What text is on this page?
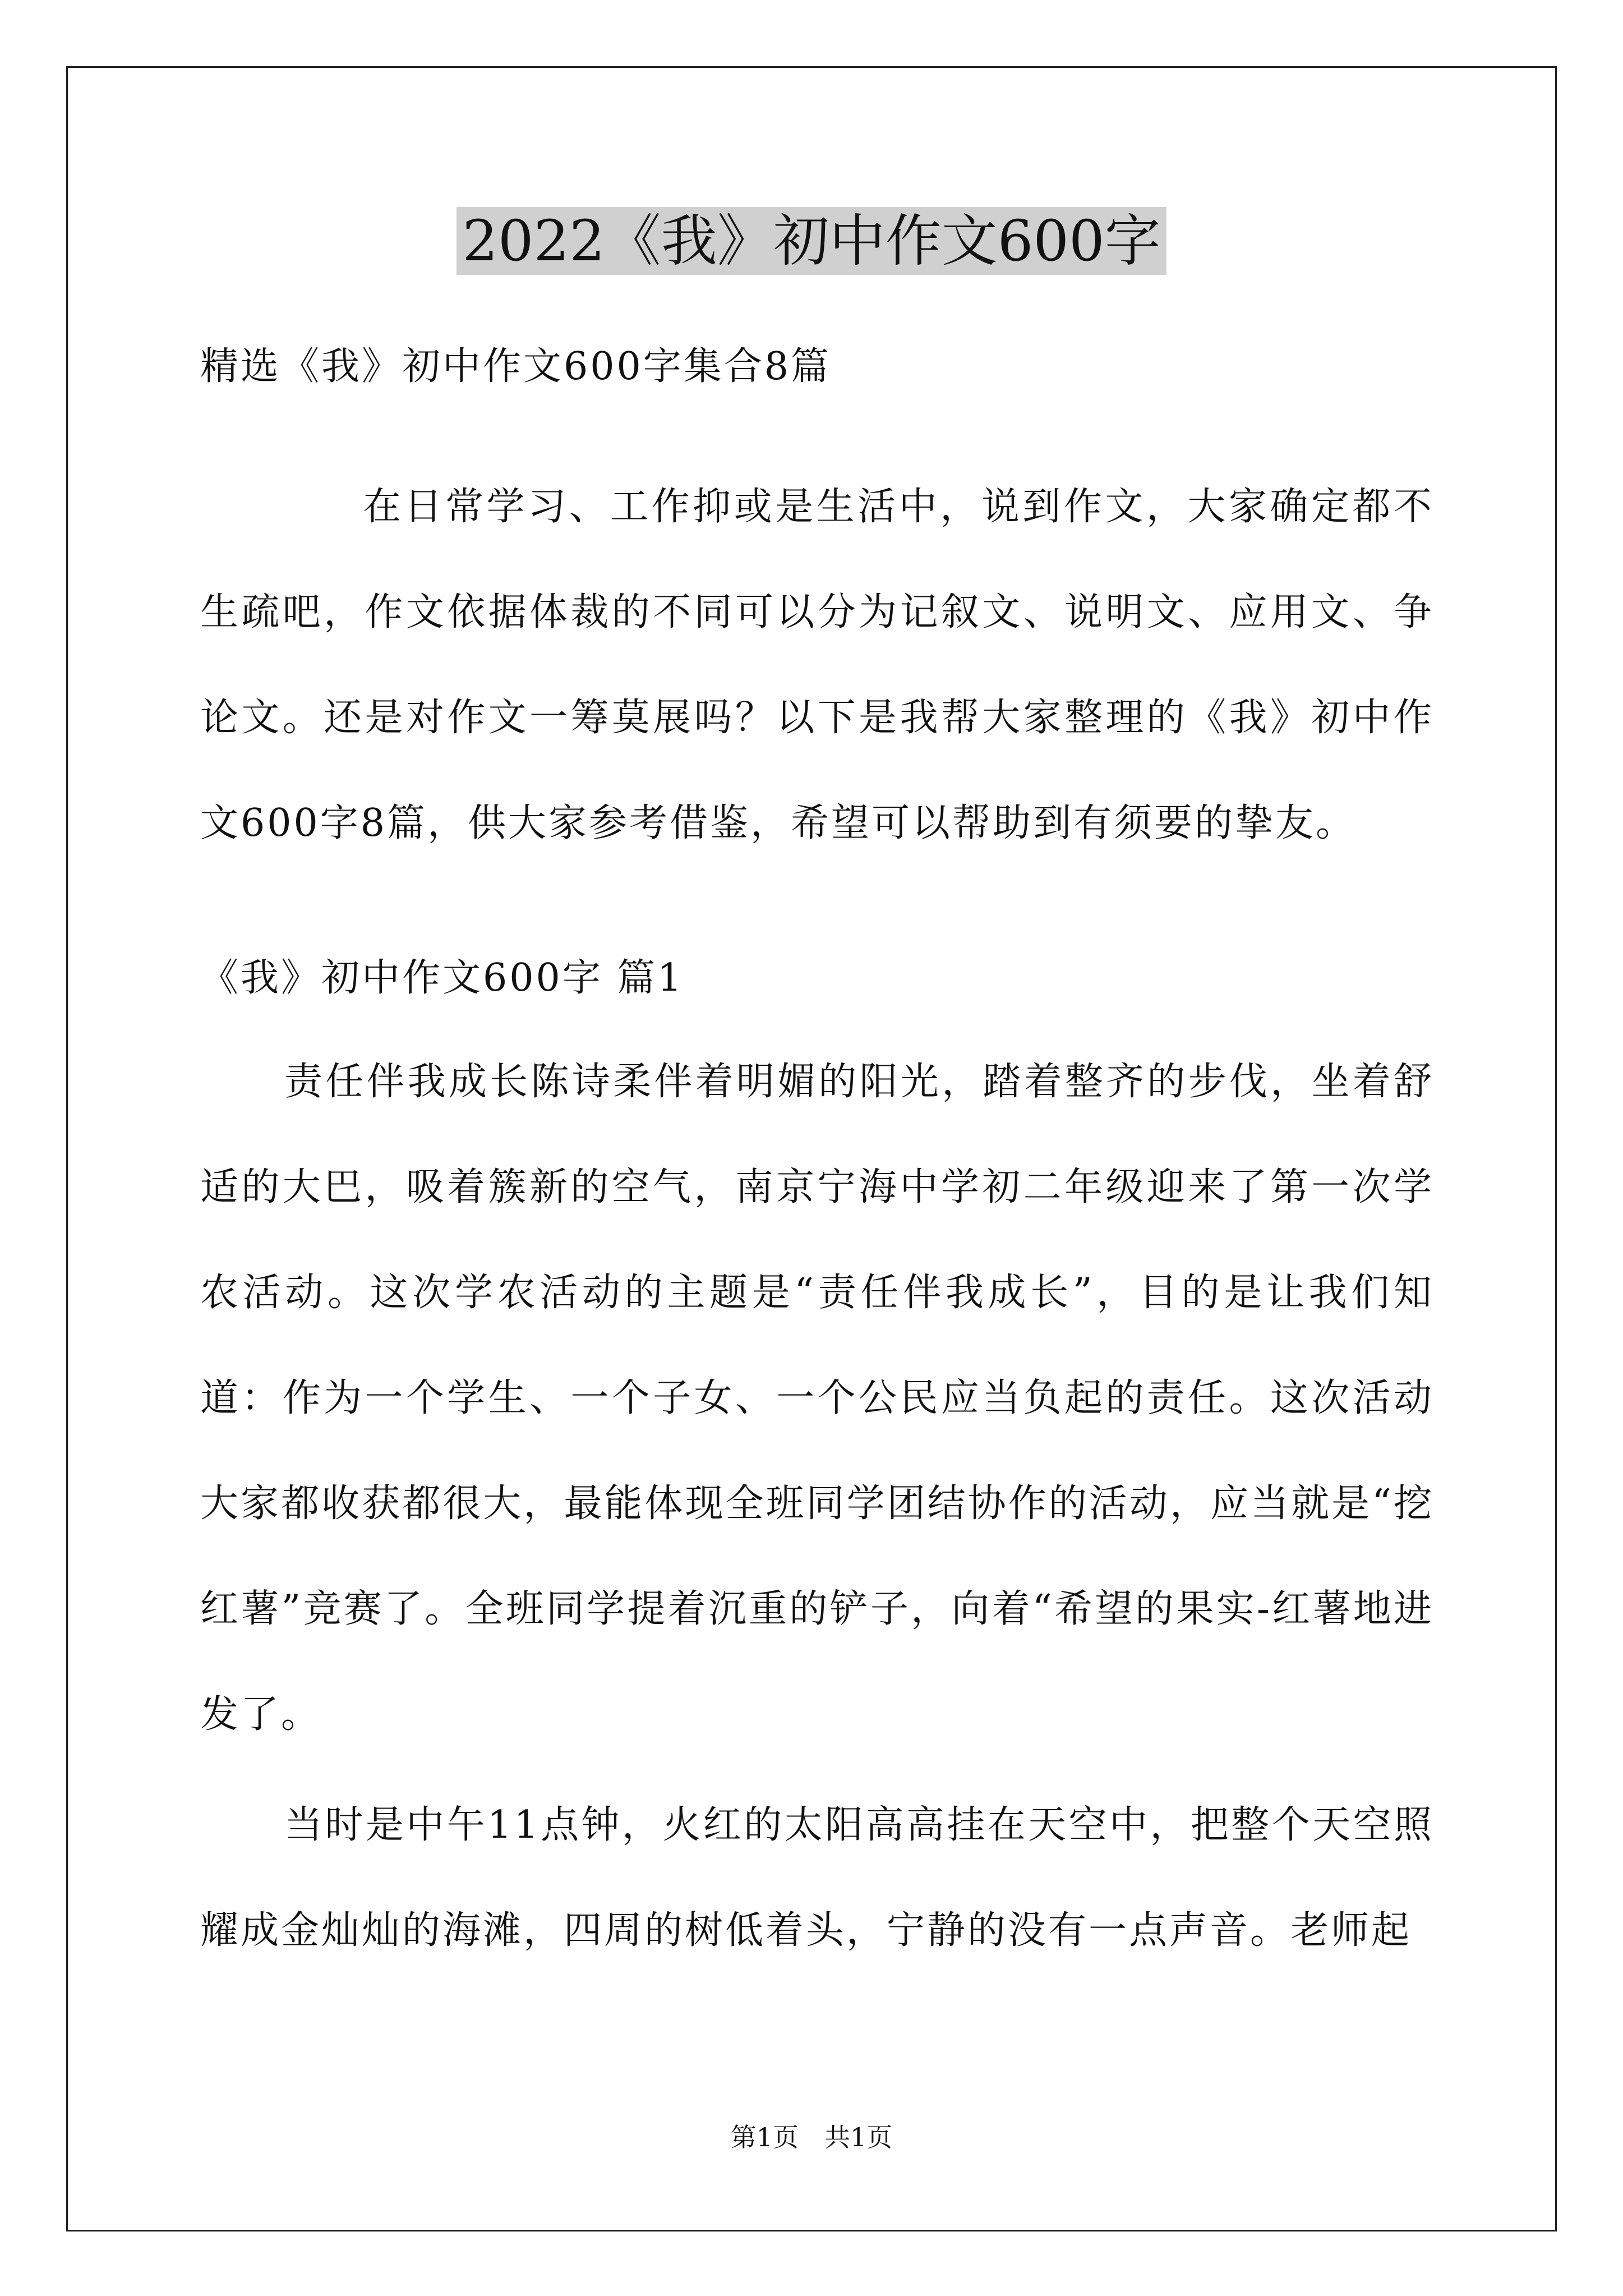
2022《我》初中作文600字
精选《我》初中作文600字集合8篇
在日常学习、工作抑或是生活中，说到作文，大家确定都不生疏吧，作文依据体裁的不同可以分为记叙文、说明文、应用文、争论文。还是对作文一筹莫展吗？以下是我帮大家整理的《我》初中作文600字8篇，供大家参考借鉴，希望可以帮助到有须要的挚友。
《我》初中作文600字 篇1
责任伴我成长陈诗柔伴着明媚的阳光，踏着整齐的步伐，坐着舒适的大巴，吸着簇新的空气，南京宁海中学初二年级迎来了第一次学农活动。这次学农活动的主题是“责任伴我成长”，目的是让我们知道：作为一个学生、一个子女、一个公民应当负起的责任。这次活动大家都收获都很大，最能体现全班同学团结协作的活动，应当就是“挖红薯”竞赛了。全班同学提着沉重的铲子，向着“希望的果实-红薯地进发了。
当时是中午11点钟，火红的太阳高高挂在天空中，把整个天空照耀成金灿灿的海滩，四周的树低着头，宁静的没有一点声音。老师起
第1页　共1页
